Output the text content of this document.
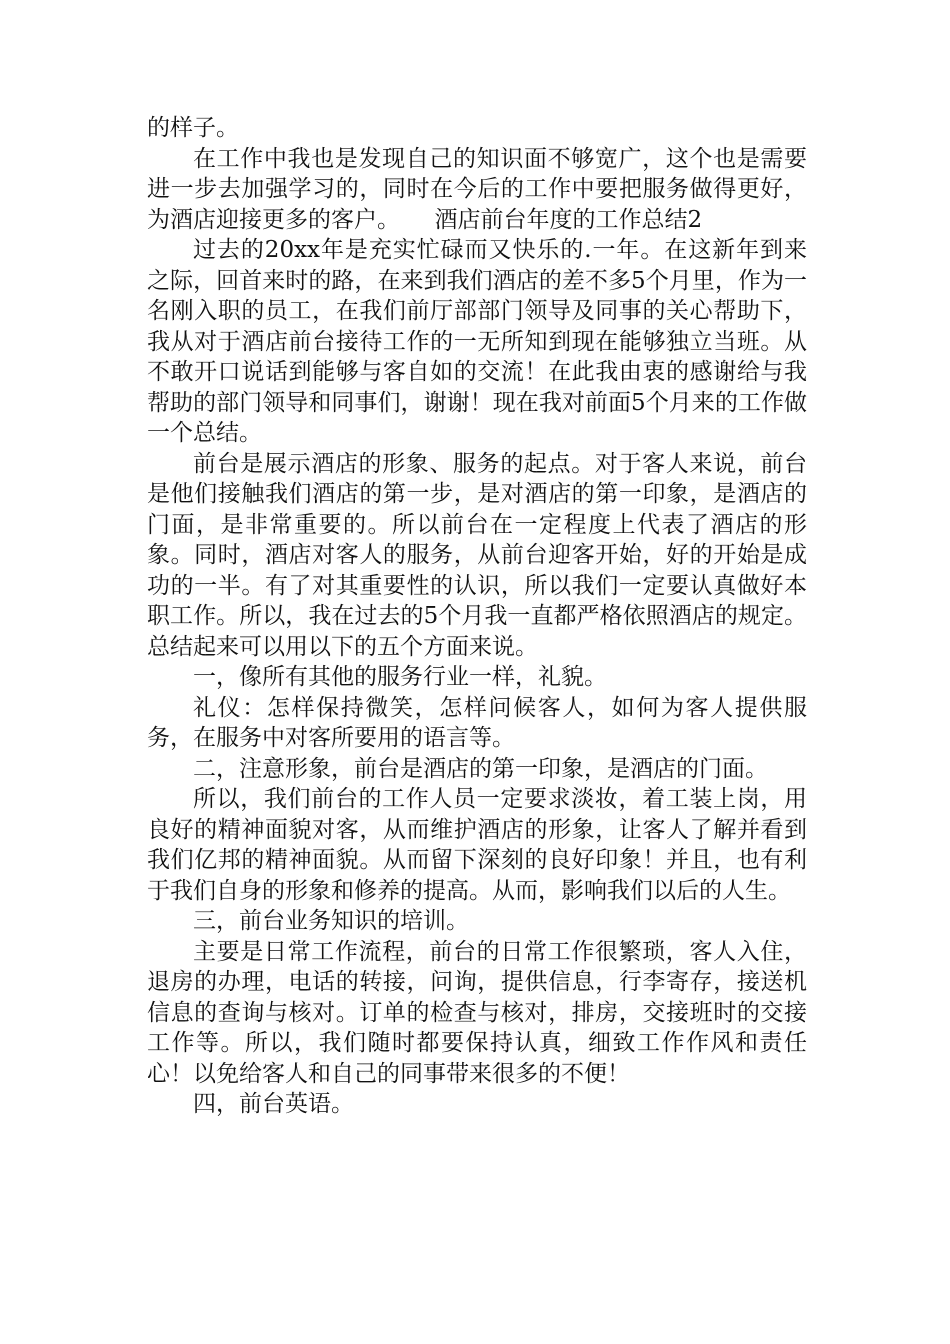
的样子。

在工作中我也是发现自己的知识面不够宽广，这个也是需要进一步去加强学习的，同时在今后的工作中要把服务做得更好，为酒店迎接更多的客户。　　酒店前台年度的工作总结2

过去的20xx年是充实忙碌而又快乐的.一年。在这新年到来之际，回首来时的路，在来到我们酒店的差不多5个月里，作为一名刚入职的员工，在我们前厅部部门领导及同事的关心帮助下，我从对于酒店前台接待工作的一无所知到现在能够独立当班。从不敢开口说话到能够与客自如的交流！在此我由衷的感谢给与我帮助的部门领导和同事们，谢谢！现在我对前面5个月来的工作做一个总结。

前台是展示酒店的形象、服务的起点。对于客人来说，前台是他们接触我们酒店的第一步，是对酒店的第一印象，是酒店的门面，是非常重要的。所以前台在一定程度上代表了酒店的形象。同时，酒店对客人的服务，从前台迎客开始，好的开始是成功的一半。有了对其重要性的认识，所以我们一定要认真做好本职工作。所以，我在过去的5个月我一直都严格依照酒店的规定。总结起来可以用以下的五个方面来说。

一，像所有其他的服务行业一样，礼貌。

礼仪：怎样保持微笑，怎样问候客人，如何为客人提供服务，在服务中对客所要用的语言等。

二，注意形象，前台是酒店的第一印象，是酒店的门面。

所以，我们前台的工作人员一定要求淡妆，着工装上岗，用良好的精神面貌对客，从而维护酒店的形象，让客人了解并看到我们亿邦的精神面貌。从而留下深刻的良好印象！并且，也有利于我们自身的形象和修养的提高。从而，影响我们以后的人生。

三，前台业务知识的培训。

主要是日常工作流程，前台的日常工作很繁琐，客人入住，退房的办理，电话的转接，问询，提供信息，行李寄存，接送机信息的查询与核对。订单的检查与核对，排房，交接班时的交接工作等。所以，我们随时都要保持认真，细致工作作风和责任心！以免给客人和自己的同事带来很多的不便！

四，前台英语。
